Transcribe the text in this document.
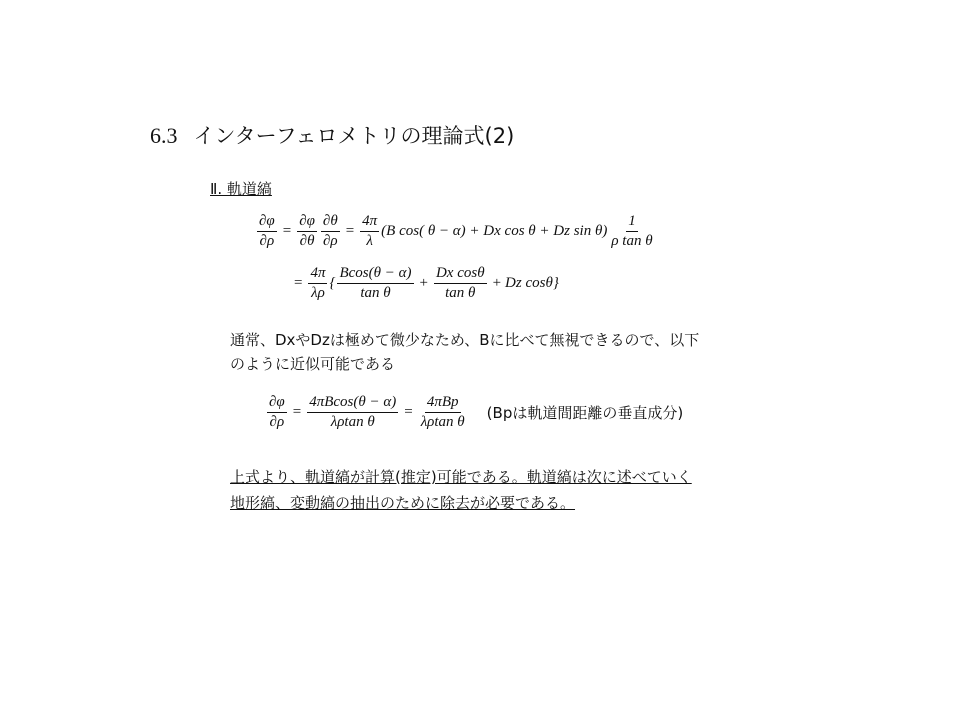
6.3 インターフェロメトリの理論式(2)
Ⅱ. 軌道縞
$\frac{\partial\varphi}{\partial\rho} = \frac{\partial\varphi}{\partial\theta} \frac{\partial\theta}{\partial\rho} = \frac{4\pi}{\lambda} (B$ cos( θ − α) + Dx cos θ + Dz $\sin \theta) \frac{1}{\text{ρ tan θ}}$
= $\frac{4\pi}{\lambda\rho}$ { $\frac{Bcos(\theta - \alpha)}{\text{tan θ}} + \frac{\text{Dx cosθ}}{\text{tan θ}} + Dz$ cosθ}
通常、DxやDzは極めて微少なため、Bに比べて無視できるので、以下
のように近似可能である
$\frac{\partial\varphi}{\partial\rho} = \frac{4\pi Bcos(\theta - \alpha)}{\text{λρtan θ}} = \frac{\text{4πBp}}{\text{λρtan θ}} (Bp$は軌道間距離の垂直成分)
上式より、軌道縞が計算(推定)可能である。軌道縞は次に述べていく
地形縞、変動縞の抽出のために除去が必要である。
